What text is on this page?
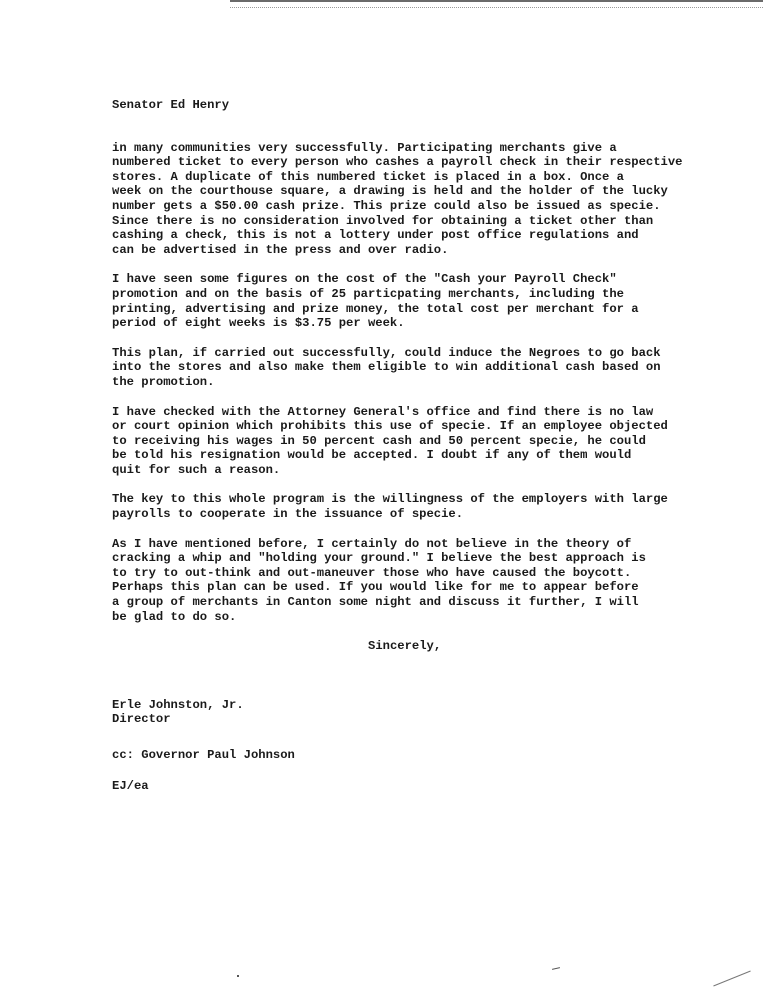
Senator Ed Henry

in many communities very successfully. Participating merchants give a
numbered ticket to every person who cashes a payroll check in their respective
stores. A duplicate of this numbered ticket is placed in a box. Once a
week on the courthouse square, a drawing is held and the holder of the lucky
number gets a $50.00 cash prize. This prize could also be issued as specie.
Since there is no consideration involved for obtaining a ticket other than
cashing a check, this is not a lottery under post office regulations and
can be advertised in the press and over radio.

I have seen some figures on the cost of the "Cash your Payroll Check"
promotion and on the basis of 25 particpating merchants, including the
printing, advertising and prize money, the total cost per merchant for a
period of eight weeks is $3.75 per week.

This plan, if carried out successfully, could induce the Negroes to go back
into the stores and also make them eligible to win additional cash based on
the promotion.

I have checked with the Attorney General's office and find there is no law
or court opinion which prohibits this use of specie. If an employee objected
to receiving his wages in 50 percent cash and 50 percent specie, he could
be told his resignation would be accepted. I doubt if any of them would
quit for such a reason.

The key to this whole program is the willingness of the employers with large
payrolls to cooperate in the issuance of specie.

As I have mentioned before, I certainly do not believe in the theory of
cracking a whip and "holding your ground." I believe the best approach is
to try to out-think and out-maneuver those who have caused the boycott.
Perhaps this plan can be used. If you would like for me to appear before
a group of merchants in Canton some night and discuss it further, I will
be glad to do so.

Sincerely,
Erle Johnston, Jr.
Director
cc: Governor Paul Johnson
EJ/ea
